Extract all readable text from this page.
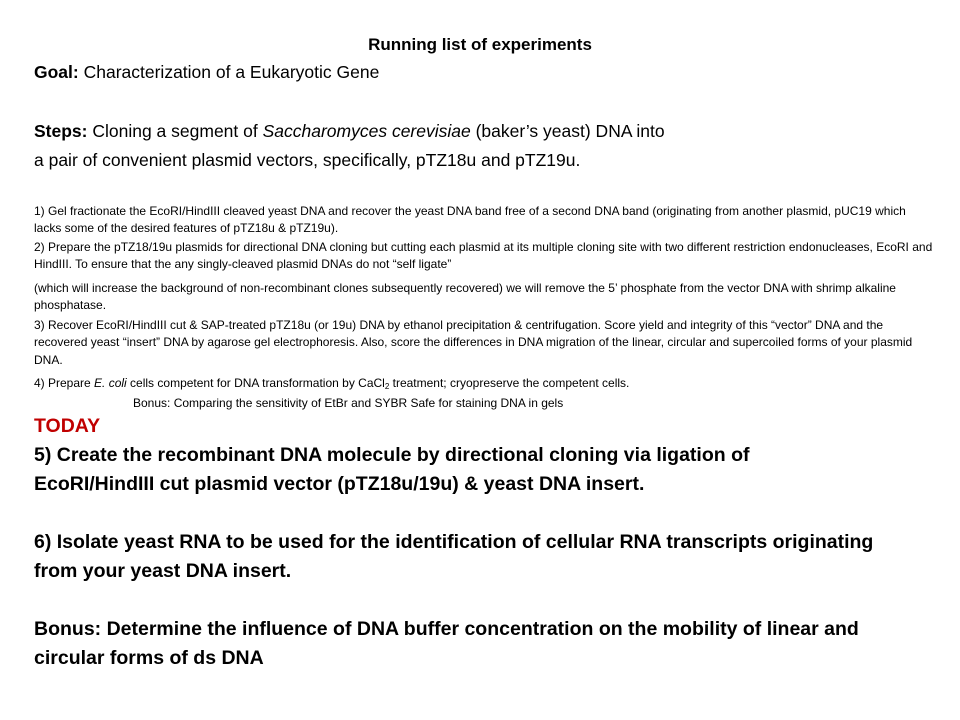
Running list of experiments

Goal: Characterization of a Eukaryotic Gene

Steps: Cloning a segment of Saccharomyces cerevisiae (baker’s yeast) DNA into

a pair of convenient plasmid vectors, specifically, pTZ18u and pTZ19u.

1) Gel fractionate the EcoRI/HindIII cleaved yeast DNA and recover the yeast DNA band free of a second DNA band (originating from another plasmid, pUC19 which lacks some of the desired features of pTZ18u & pTZ19u).

2) Prepare the pTZ18/19u plasmids for directional DNA cloning but cutting each plasmid at its multiple cloning site with two different restriction endonucleases, EcoRI and HindIII. To ensure that the any singly-cleaved plasmid DNAs do not “self ligate”

(which will increase the background of non-recombinant clones subsequently recovered) we will remove the 5’ phosphate from the vector DNA with shrimp alkaline phosphatase.

3) Recover EcoRI/HindIII cut & SAP-treated pTZ18u (or 19u) DNA by ethanol precipitation & centrifugation. Score yield and integrity of this “vector” DNA and the recovered yeast “insert” DNA by agarose gel electrophoresis. Also, score the differences in DNA migration of the linear, circular and supercoiled forms of your plasmid DNA.

4) Prepare E. coli cells competent for DNA transformation by CaCl$_2$ treatment; cryopreserve the competent cells.

Bonus: Comparing the sensitivity of EtBr and SYBR Safe for staining DNA in gels

TODAY

5) Create the recombinant DNA molecule by directional cloning via ligation of

EcoRI/HindIII cut plasmid vector (pTZ18u/19u) & yeast DNA insert.

6) Isolate yeast RNA to be used for the identification of cellular RNA transcripts originating

from your yeast DNA insert.

Bonus: Determine the influence of DNA buffer concentration on the mobility of linear and

circular forms of ds DNA
